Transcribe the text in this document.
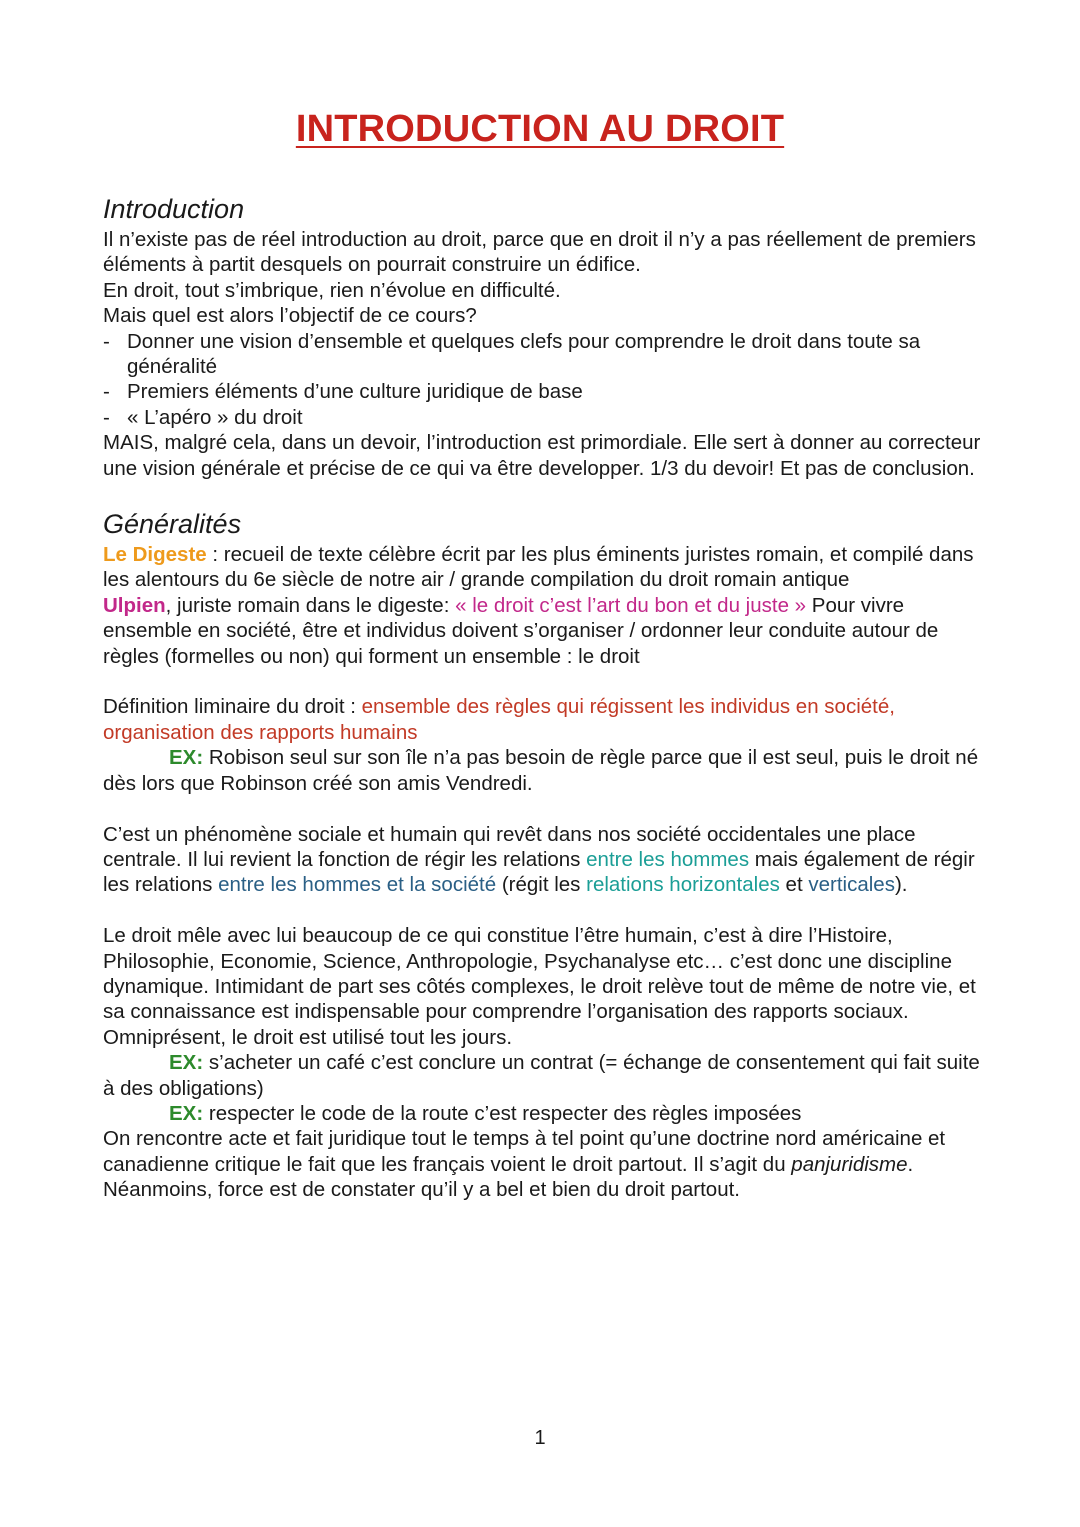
INTRODUCTION AU DROIT
Introduction

Il n’existe pas de réel introduction au droit, parce que en droit il n’y a pas réellement de premiers éléments à partit desquels on pourrait construire un édifice.

En droit, tout s’imbrique, rien n’évolue en difficulté.

Mais quel est alors l’objectif de ce cours?

- Donner une vision d’ensemble et quelques clefs pour comprendre le droit dans toute sa généralité
- Premiers éléments d’une culture juridique de base
- « L’apéro » du droit

MAIS, malgré cela, dans un devoir, l’introduction est primordiale. Elle sert à donner au correcteur une vision générale et précise de ce qui va être developper. 1/3 du devoir! Et pas de conclusion.

Généralités

Le Digeste : recueil de texte célèbre écrit par les plus éminents juristes romain, et compilé dans les alentours du 6e siècle de notre air / grande compilation du droit romain antique

Ulpien, juriste romain dans le digeste: « le droit c’est l’art du bon et du juste » Pour vivre ensemble en société, être et individus doivent s’organiser / ordonner leur conduite autour de règles (formelles ou non) qui forment un ensemble : le droit

Définition liminaire du droit : ensemble des règles qui régissent les individus en société, organisation des rapports humains

EX: Robison seul sur son île n’a pas besoin de règle parce que il est seul, puis le droit né dès lors que Robinson créé son amis Vendredi.

C’est un phénomène sociale et humain qui revêt dans nos société occidentales une place centrale. Il lui revient la fonction de régir les relations entre les hommes mais également de régir les relations entre les hommes et la société (régit les relations horizontales et verticales).

Le droit mêle avec lui beaucoup de ce qui constitue l’être humain, c’est à dire l’Histoire, Philosophie, Economie, Science, Anthropologie, Psychanalyse etc… c’est donc une discipline dynamique. Intimidant de part ses côtés complexes, le droit relève tout de même de notre vie, et sa connaissance est indispensable pour comprendre l’organisation des rapports sociaux. Omniprésent, le droit est utilisé tout les jours.

EX: s’acheter un café c’est conclure un contrat (= échange de consentement qui fait suite à des obligations)

EX: respecter le code de la route c’est respecter des règles imposées

On rencontre acte et fait juridique tout le temps à tel point qu’une doctrine nord américaine et canadienne critique le fait que les français voient le droit partout. Il s’agit du panjuridisme. Néanmoins, force est de constater qu’il y a bel et bien du droit partout.

1
